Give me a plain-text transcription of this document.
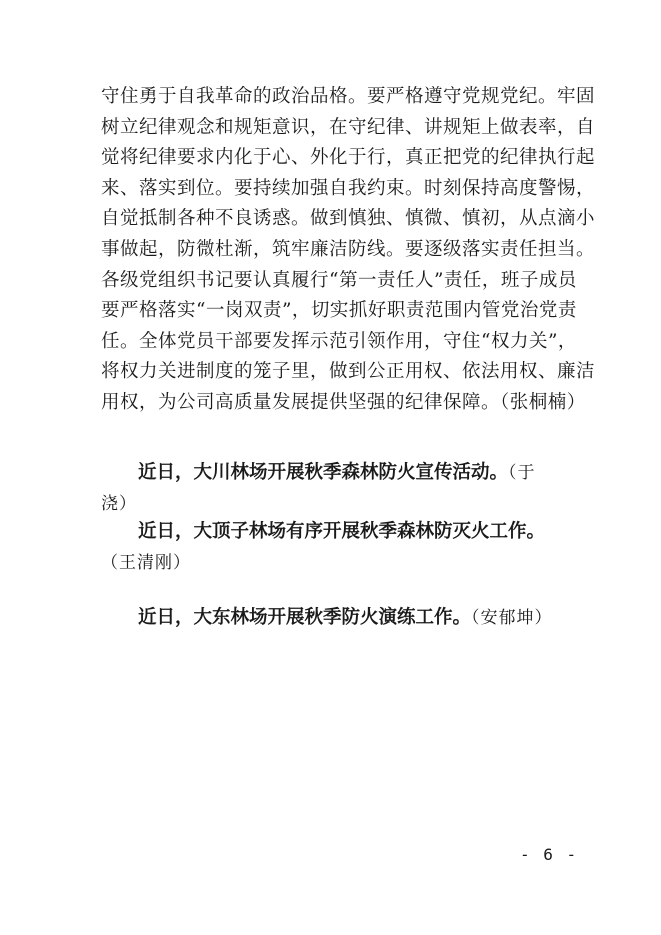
守住勇于自我革命的政治品格。要严格遵守党规党纪。牢固
树立纪律观念和规矩意识，在守纪律、讲规矩上做表率，自
觉将纪律要求内化于心、外化于行，真正把党的纪律执行起
来、落实到位。要持续加强自我约束。时刻保持高度警惕，
自觉抵制各种不良诱惑。做到慎独、慎微、慎初，从点滴小
事做起，防微杜渐，筑牢廉洁防线。要逐级落实责任担当。
各级党组织书记要认真履行“第一责任人”责任，班子成员
要严格落实“一岗双责”，切实抓好职责范围内管党治党责
任。全体党员干部要发挥示范引领作用，守住“权力关”，
将权力关进制度的笼子里，做到公正用权、依法用权、廉洁
用权，为公司高质量发展提供坚强的纪律保障。（张桐楠）

近日，大川林场开展秋季森林防火宣传活动。（于浇）

近日，大顶子林场有序开展秋季森林防灭火工作。（王清刚）

近日，大东林场开展秋季防火演练工作。（安郁坤）

- 6 -
